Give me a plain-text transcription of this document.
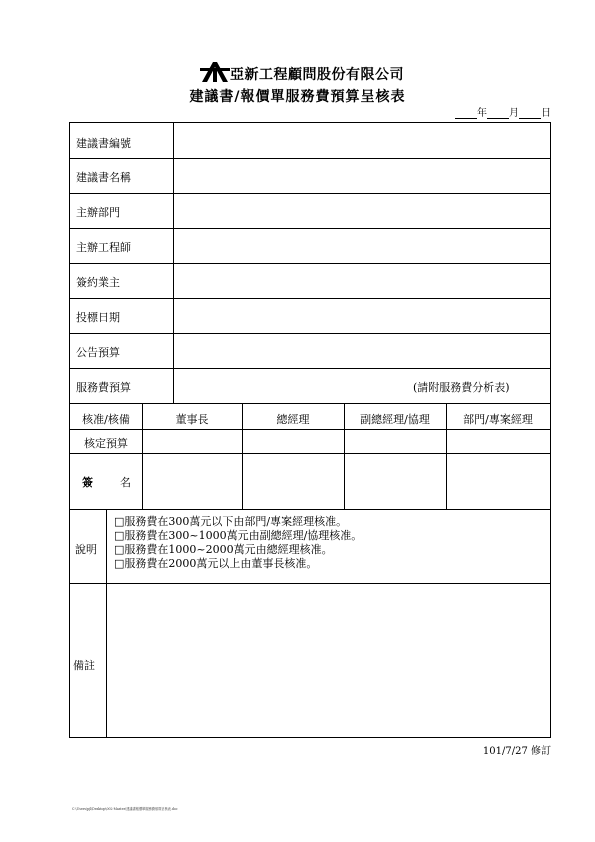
亞新工程顧問股份有限公司
建議書/報價單服務費預算呈核表
年 月 日
建議書編號
建議書名稱
主辦部門
主辦工程師
簽約業主
投標日期
公告預算
服務費預算	(請附服務費分析表)
核准/核備	董事長	總經理	副總經理/協理	部門/專案經理
核定預算
簽 名
說明
□服務費在300萬元以下由部門/專案經理核准。
□服務費在300~1000萬元由副總經理/協理核准。
□服務費在1000~2000萬元由總經理核准。
□服務費在2000萬元以上由董事長核准。
備註
101/7/27 修訂
C:\Users\pjl\Desktop\002-Master\建議書報價單服務費預算呈核表.doc
